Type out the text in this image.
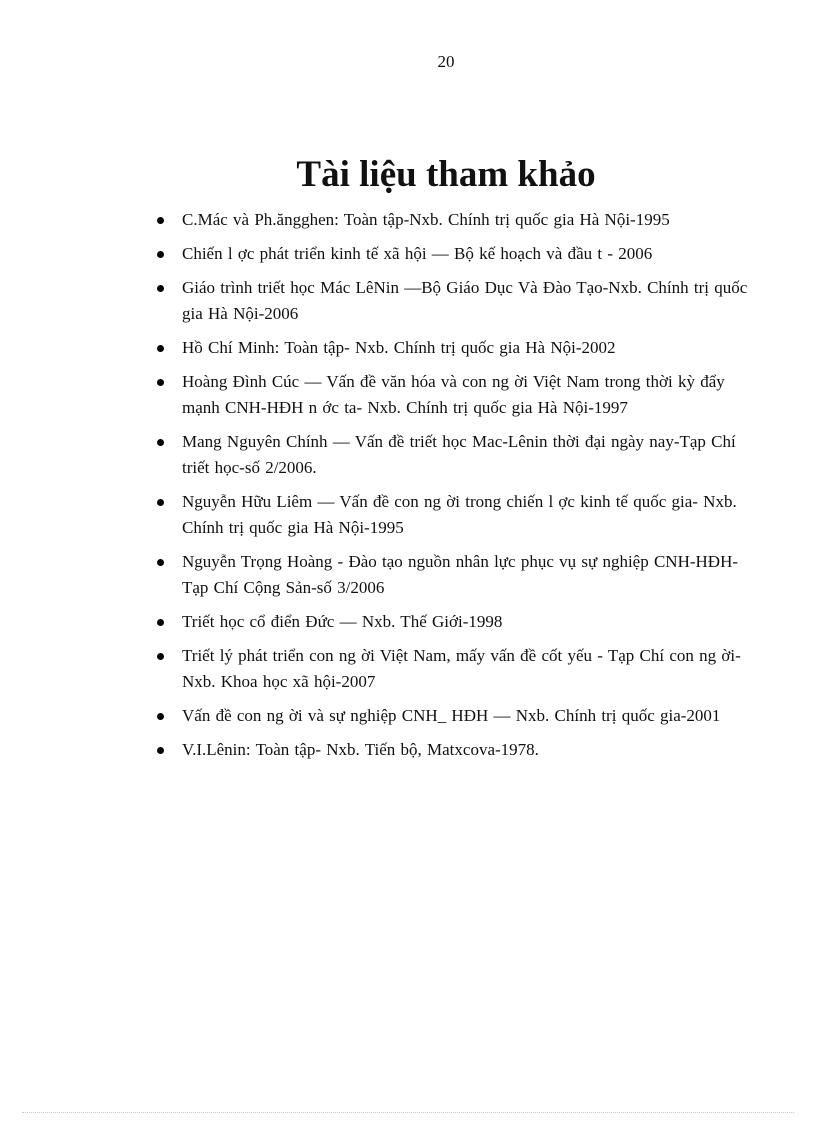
20
Tài liệu tham khảo
C.Mác và Ph.ăngghen: Toàn tập-Nxb. Chính trị quốc gia Hà Nội-1995
Chiến l ợc phát triển kinh tế xã hội — Bộ kế hoạch và đầu t - 2006
Giáo trình triết học Mác LêNin —Bộ Giáo Dục Và Đào Tạo-Nxb. Chính trị quốc gia Hà Nội-2006
Hồ Chí Minh: Toàn tập- Nxb. Chính trị quốc gia Hà Nội-2002
Hoàng Đình Cúc — Vấn đề văn hóa và con ng ời Việt Nam trong thời kỳ đẩy mạnh CNH-HĐH n ớc ta- Nxb. Chính trị quốc gia Hà Nội-1997
Mang Nguyên Chính — Vấn đề triết học Mac-Lênin thời đại ngày nay-Tạp Chí triết học-số 2/2006.
Nguyễn Hữu Liêm — Vấn đề con ng ời trong chiến l ợc kinh tế quốc gia- Nxb. Chính trị quốc gia Hà Nội-1995
Nguyễn Trọng Hoàng - Đào tạo nguồn nhân lực phục vụ sự nghiệp CNH-HĐH- Tạp Chí Cộng Sản-số 3/2006
Triết học cổ điển Đức — Nxb. Thế Giới-1998
Triết lý phát triển con ng ời Việt Nam, mấy vấn đề cốt yếu - Tạp Chí con ng ời-Nxb. Khoa học xã hội-2007
Vấn đề con ng ời và sự nghiệp CNH_ HĐH — Nxb. Chính trị quốc gia-2001
V.I.Lênin: Toàn tập- Nxb. Tiến bộ, Matxcova-1978.
